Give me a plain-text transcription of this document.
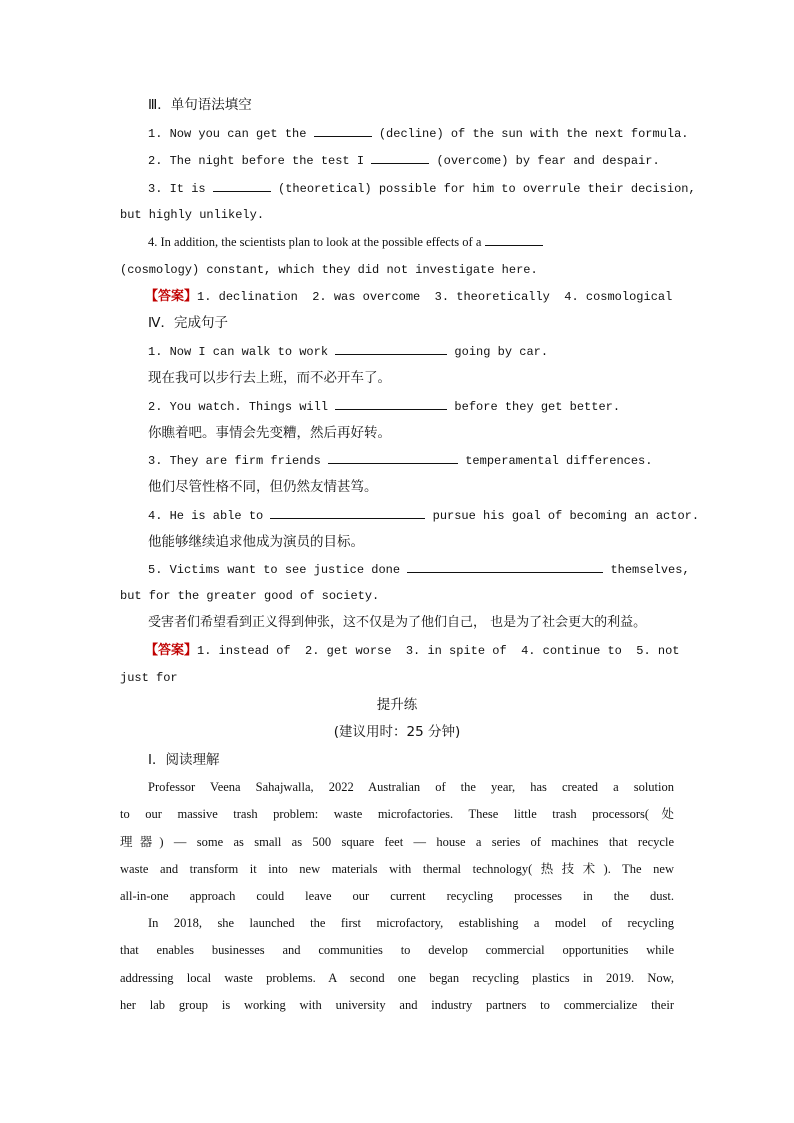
Ⅲ．单句语法填空
1. Now you can get the	(decline) of the sun with the next formula.
2. The night before the test I	(overcome) by fear and despair.
3. It is	(theoretical) possible for him to overrule their decision,
but highly unlikely.
4. In addition, the scientists plan to look at the possible effects of a
(cosmology) constant, which they did not investigate here.
【答案】1. declination  2. was overcome  3. theoretically  4. cosmological
Ⅳ．完成句子
1. Now I can walk to work	going by car.
现在我可以步行去上班，而不必开车了。
2. You watch. Things will	before they get better.
你瞧着吧。事情会先变糟，然后再好转。
3. They are firm friends	temperamental differences.
他们尽管性格不同，但仍然友情甚笃。
4. He is able to	pursue his goal of becoming an actor.
他能够继续追求他成为演员的目标。
5. Victims want to see justice done	themselves,
but for the greater good of society.
受害者们希望看到正义得到伸张，这不仅是为了他们自己， 也是为了社会更大的利益。
【答案】1. instead of  2. get worse  3. in spite of  4. continue to  5. not
just for
提升练
(建议用时：25 分钟)
Ⅰ．阅读理解
Professor Veena Sahajwalla, 2022 Australian of the year, has created a solution
to our massive trash problem: waste microfactories. These little trash processors(处
理器) — some as small as 500 square feet — house a series of machines that recycle
waste and transform it into new materials with thermal technology(热技术). The new
all-in-one approach could leave our current recycling processes in the dust.
In 2018, she launched the first microfactory, establishing a model of recycling
that enables businesses and communities to develop commercial opportunities while
addressing local waste problems. A second one began recycling plastics in 2019. Now,
her lab group is working with university and industry partners to commercialize their
